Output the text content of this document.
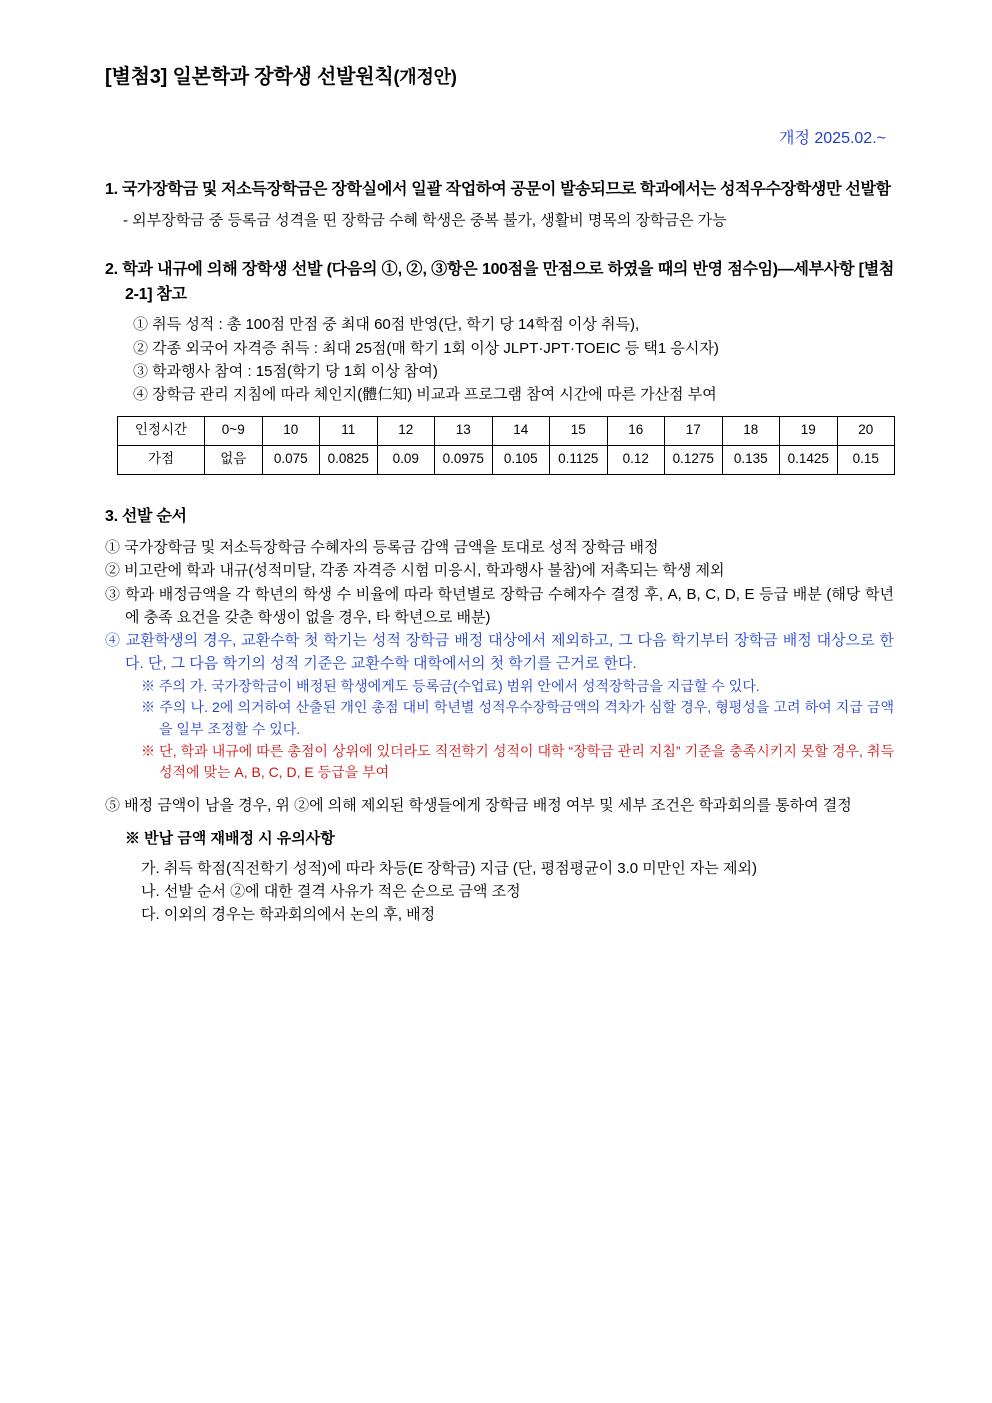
[별첨3] 일본학과 장학생 선발원칙(개정안)
개정 2025.02.~
1. 국가장학금 및 저소득장학금은 장학실에서 일괄 작업하여 공문이 발송되므로 학과에서는 성적우수장학생만 선발함
- 외부장학금 중 등록금 성격을 띤 장학금 수혜 학생은 중복 불가, 생활비 명목의 장학금은 가능
2. 학과 내규에 의해 장학생 선발 (다음의 ①, ②, ③항은 100점을 만점으로 하였을 때의 반영 점수임)—세부사항 [별첨2-1] 참고
① 취득 성적 : 총 100점 만점 중 최대 60점 반영(단, 학기 당 14학점 이상 취득),
② 각종 외국어 자격증 취득 : 최대 25점(매 학기 1회 이상 JLPT·JPT·TOEIC 등 택1 응시자)
③ 학과행사 참여 : 15점(학기 당 1회 이상 참여)
④ 장학금 관리 지침에 따라 체인지(體仁知) 비교과 프로그램 참여 시간에 따른 가산점 부여
인정시간	0~9	10	11	12	13	14	15	16	17	18	19	20
가점	없음	0.075	0.0825	0.09	0.0975	0.105	0.1125	0.12	0.1275	0.135	0.1425	0.15
3. 선발 순서
① 국가장학금 및 저소득장학금 수혜자의 등록금 감액 금액을 토대로 성적 장학금 배정
② 비고란에 학과 내규(성적미달, 각종 자격증 시험 미응시, 학과행사 불참)에 저촉되는 학생 제외
③ 학과 배정금액을 각 학년의 학생 수 비율에 따라 학년별로 장학금 수혜자수 결정 후, A, B, C, D, E 등급 배분 (해당 학년에 충족 요건을 갖춘 학생이 없을 경우, 타 학년으로 배분)
④ 교환학생의 경우, 교환수학 첫 학기는 성적 장학금 배정 대상에서 제외하고, 그 다음 학기부터 장학금 배정 대상으로 한다. 단, 그 다음 학기의 성적 기준은 교환수학 대학에서의 첫 학기를 근거로 한다.
※ 주의 가. 국가장학금이 배정된 학생에게도 등록금(수업료) 범위 안에서 성적장학금을 지급할 수 있다.
※ 주의 나. 2에 의거하여 산출된 개인 총점 대비 학년별 성적우수장학금액의 격차가 심할 경우, 형평성을 고려 하여 지급 금액을 일부 조정할 수 있다.
※ 단, 학과 내규에 따른 총점이 상위에 있더라도 직전학기 성적이 대학 “장학금 관리 지침” 기준을 충족시키지 못할 경우, 취득 성적에 맞는 A, B, C, D, E 등급을 부여
⑤ 배정 금액이 남을 경우, 위 ②에 의해 제외된 학생들에게 장학금 배정 여부 및 세부 조건은 학과회의를 통하여 결정
※ 반납 금액 재배정 시 유의사항
가. 취득 학점(직전학기 성적)에 따라 차등(E 장학금) 지급 (단, 평점평균이 3.0 미만인 자는 제외)
나. 선발 순서 ②에 대한 결격 사유가 적은 순으로 금액 조정
다. 이외의 경우는 학과회의에서 논의 후, 배정
